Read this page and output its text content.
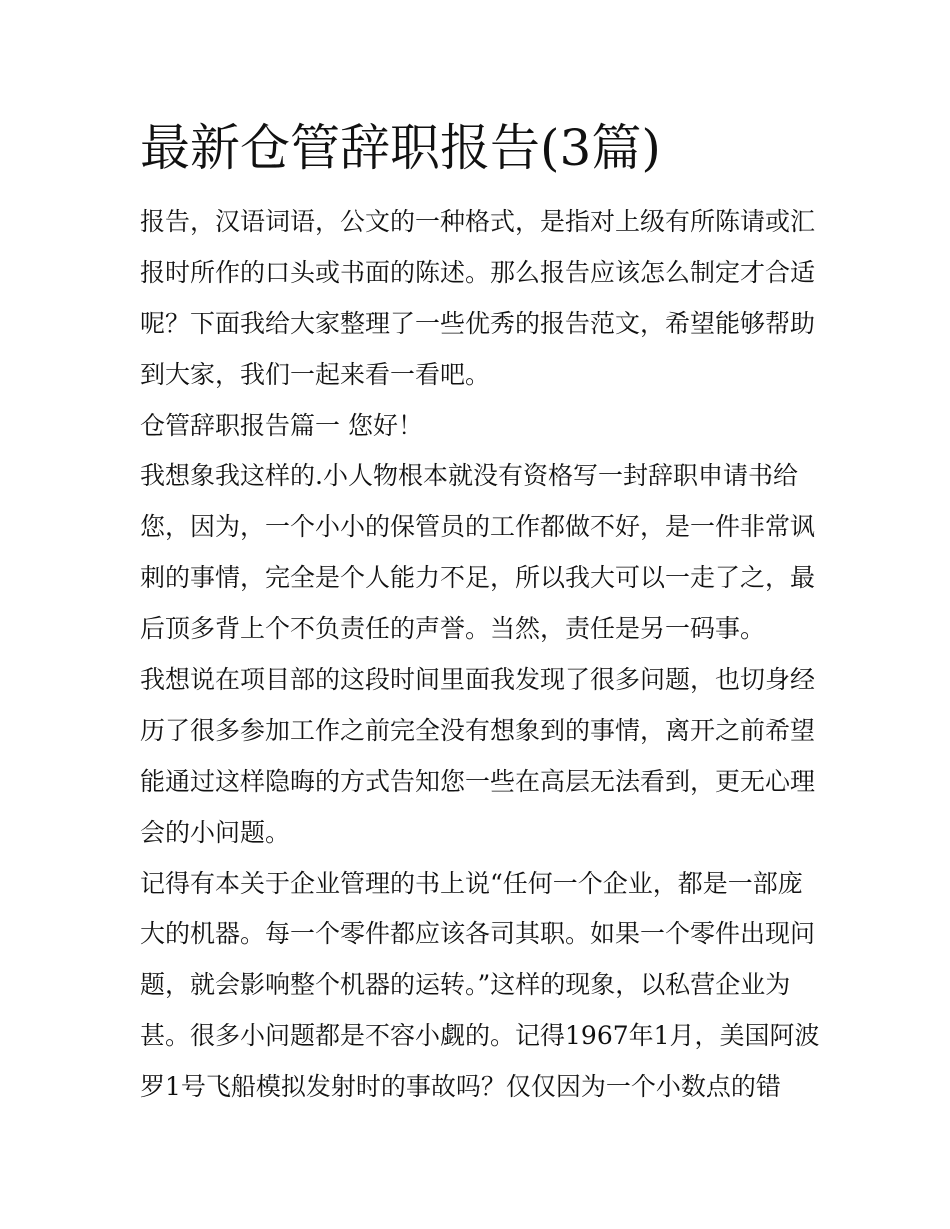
最新仓管辞职报告(3篇)
报告，汉语词语，公文的一种格式，是指对上级有所陈请或汇
报时所作的口头或书面的陈述。那么报告应该怎么制定才合适
呢？下面我给大家整理了一些优秀的报告范文，希望能够帮助
到大家，我们一起来看一看吧。
仓管辞职报告篇一 您好！
我想象我这样的.小人物根本就没有资格写一封辞职申请书给
您，因为，一个小小的保管员的工作都做不好，是一件非常讽
刺的事情，完全是个人能力不足，所以我大可以一走了之，最
后顶多背上个不负责任的声誉。当然，责任是另一码事。
我想说在项目部的这段时间里面我发现了很多问题，也切身经
历了很多参加工作之前完全没有想象到的事情，离开之前希望
能通过这样隐晦的方式告知您一些在高层无法看到，更无心理
会的小问题。
记得有本关于企业管理的书上说“任何一个企业，都是一部庞
大的机器。每一个零件都应该各司其职。如果一个零件出现问
题，就会影响整个机器的运转。”这样的现象，以私营企业为
甚。很多小问题都是不容小觑的。记得1967年1月，美国阿波
罗1号飞船模拟发射时的事故吗？仅仅因为一个小数点的错
